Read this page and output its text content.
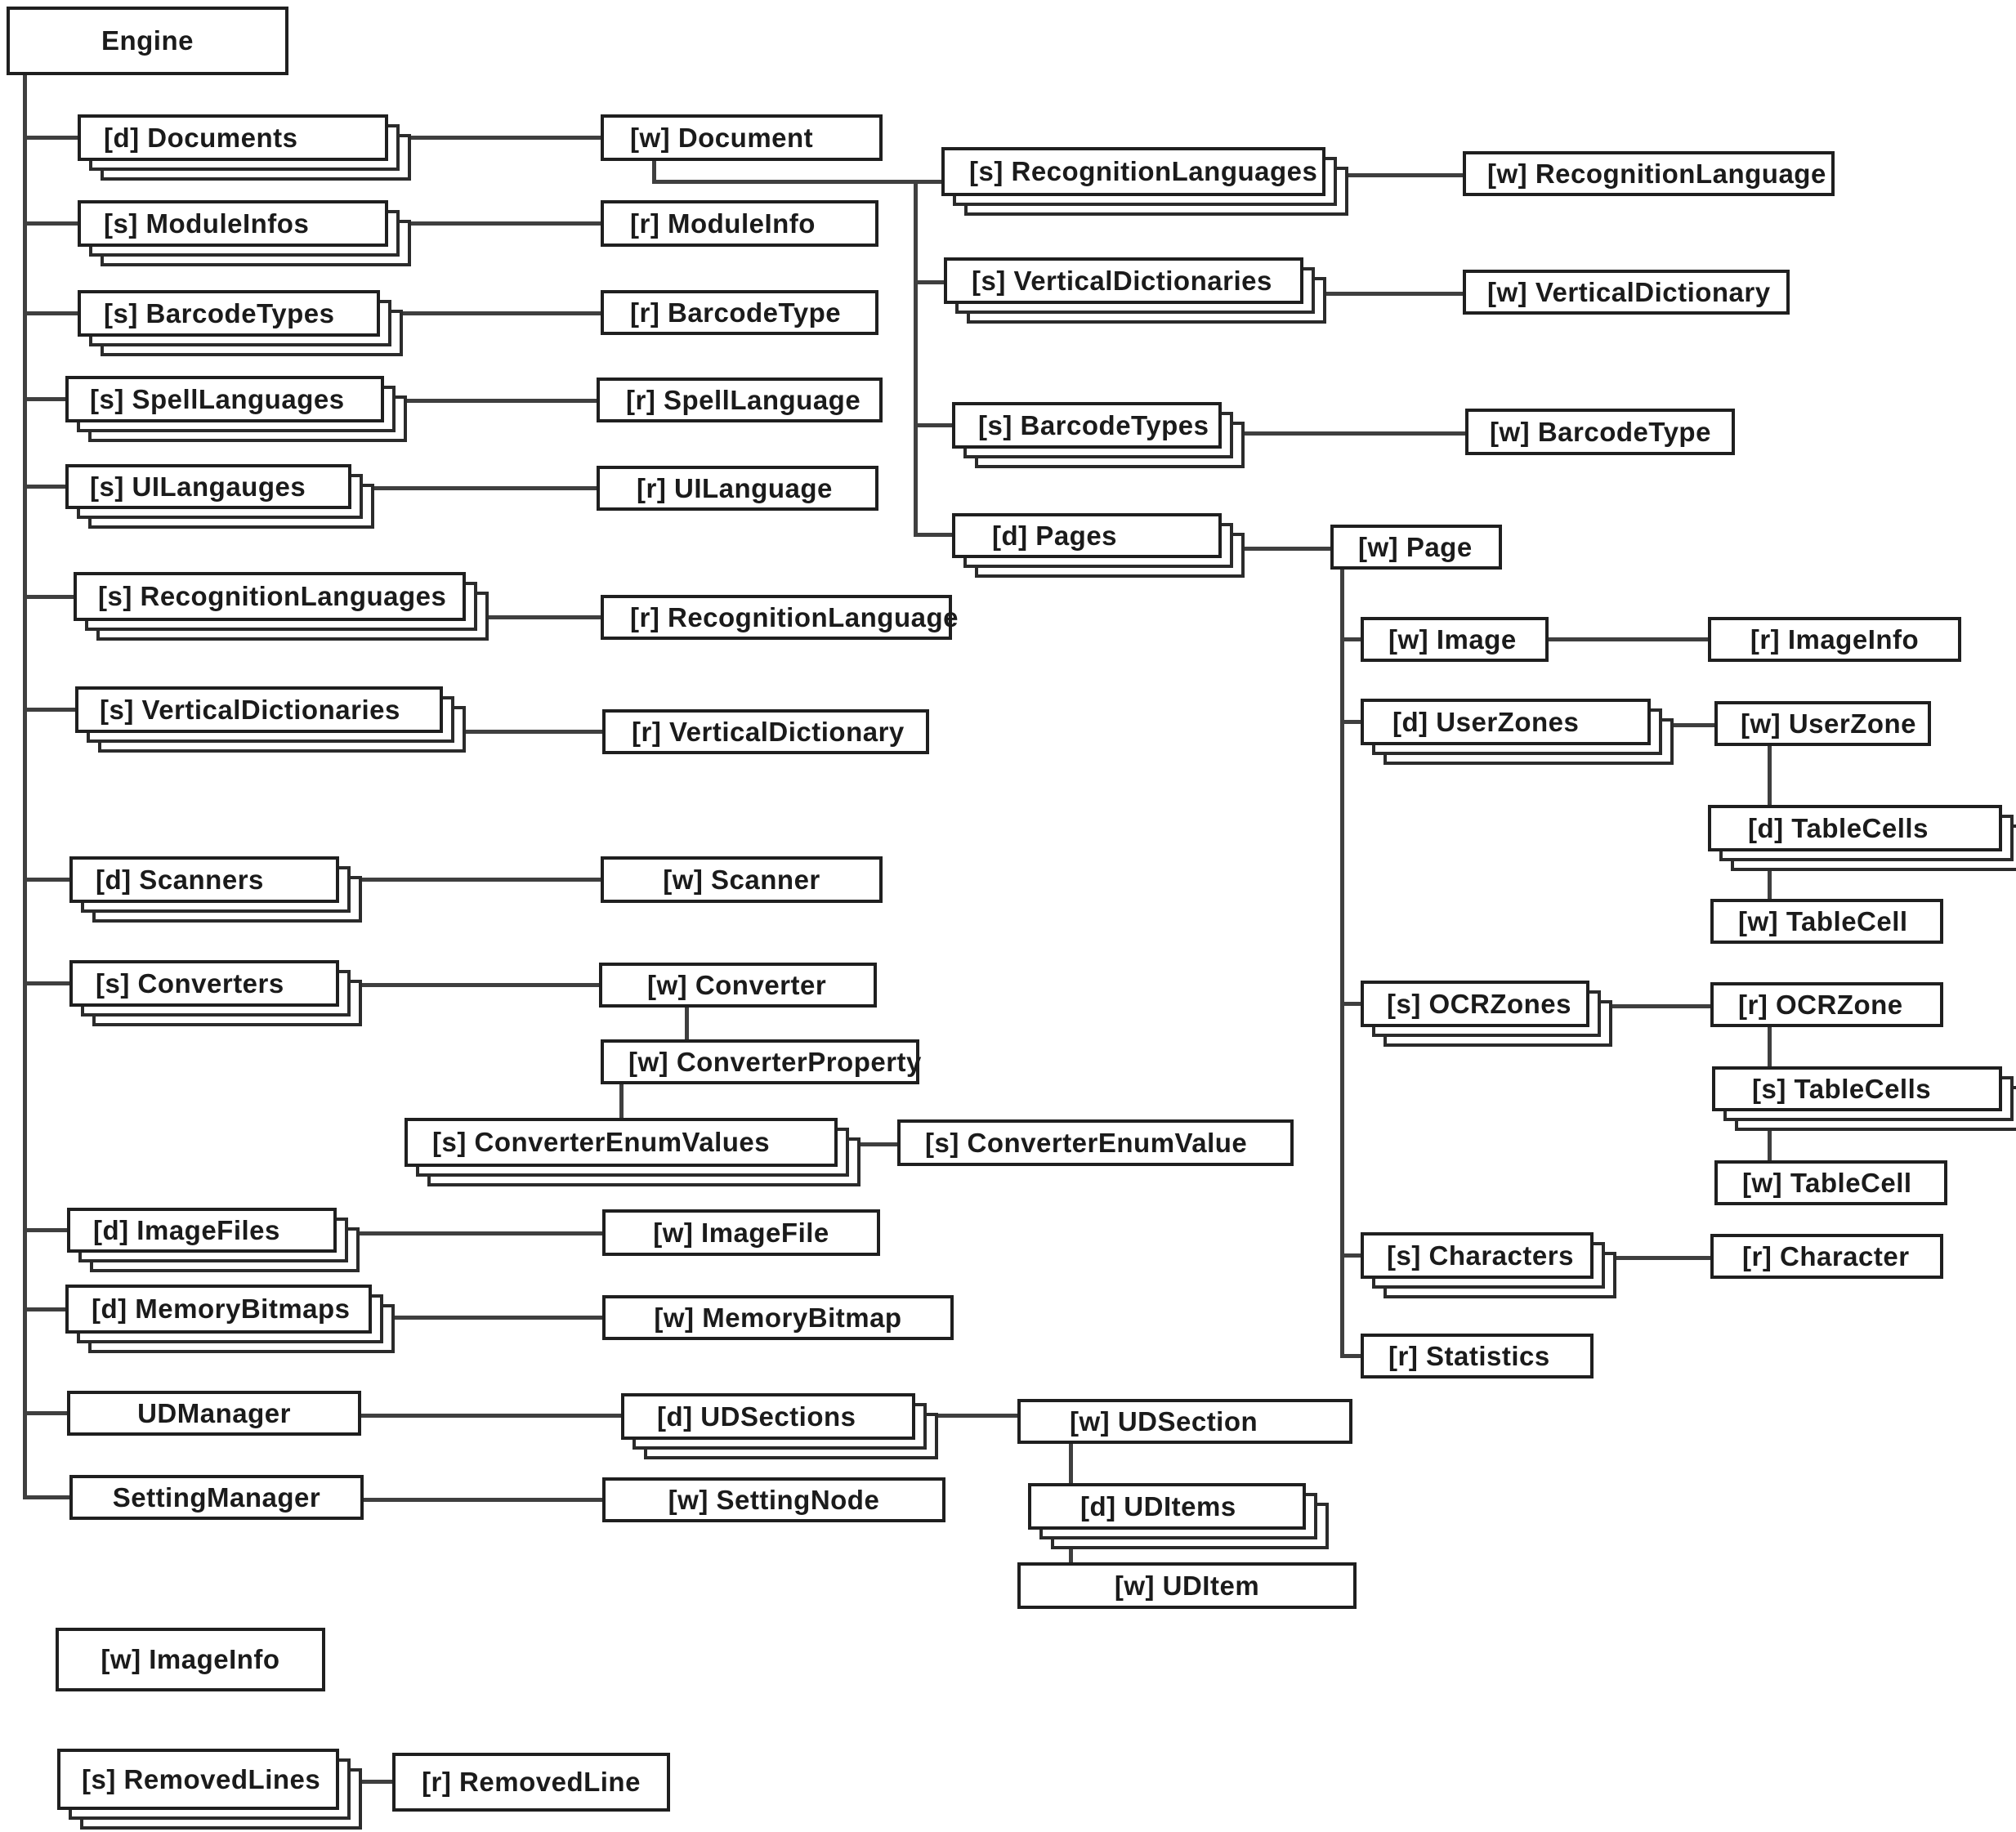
Engine
[d] Documents
[s] ModuleInfos
[s] BarcodeTypes
[s] SpellLanguages
[s] UILangauges
[s] RecognitionLanguages
[s] VerticalDictionaries
[d] Scanners
[s] Converters
[d] ImageFiles
[d] MemoryBitmaps
UDManager
SettingManager
[w] Document
[r] ModuleInfo
[r] BarcodeType
[r] SpellLanguage
[r] UILanguage
[r] RecognitionLanguage
[r] VerticalDictionary
[w] Scanner
[w] Converter
[w] ConverterProperty
[s] ConverterEnumValues	[s] ConverterEnumValue
[w] ImageFile
[w] MemoryBitmap
[d] UDSections
[w] SettingNode
[w] UDSection
[d] UDItems
[w] UDItem
[s] RecognitionLanguages	[w] RecognitionLanguage
[s] VerticalDictionaries	[w] VerticalDictionary
[s] BarcodeTypes	[w] BarcodeType
[d] Pages	[w] Page
[w] Image	[r] ImageInfo
[d] UserZones	[w] UserZone
[d] TableCells
[w] TableCell
[s] OCRZones	[r] OCRZone
[s] TableCells
[w] TableCell
[s] Characters	[r] Character
[r] Statistics
[w] ImageInfo
[s] RemovedLines	[r] RemovedLine
